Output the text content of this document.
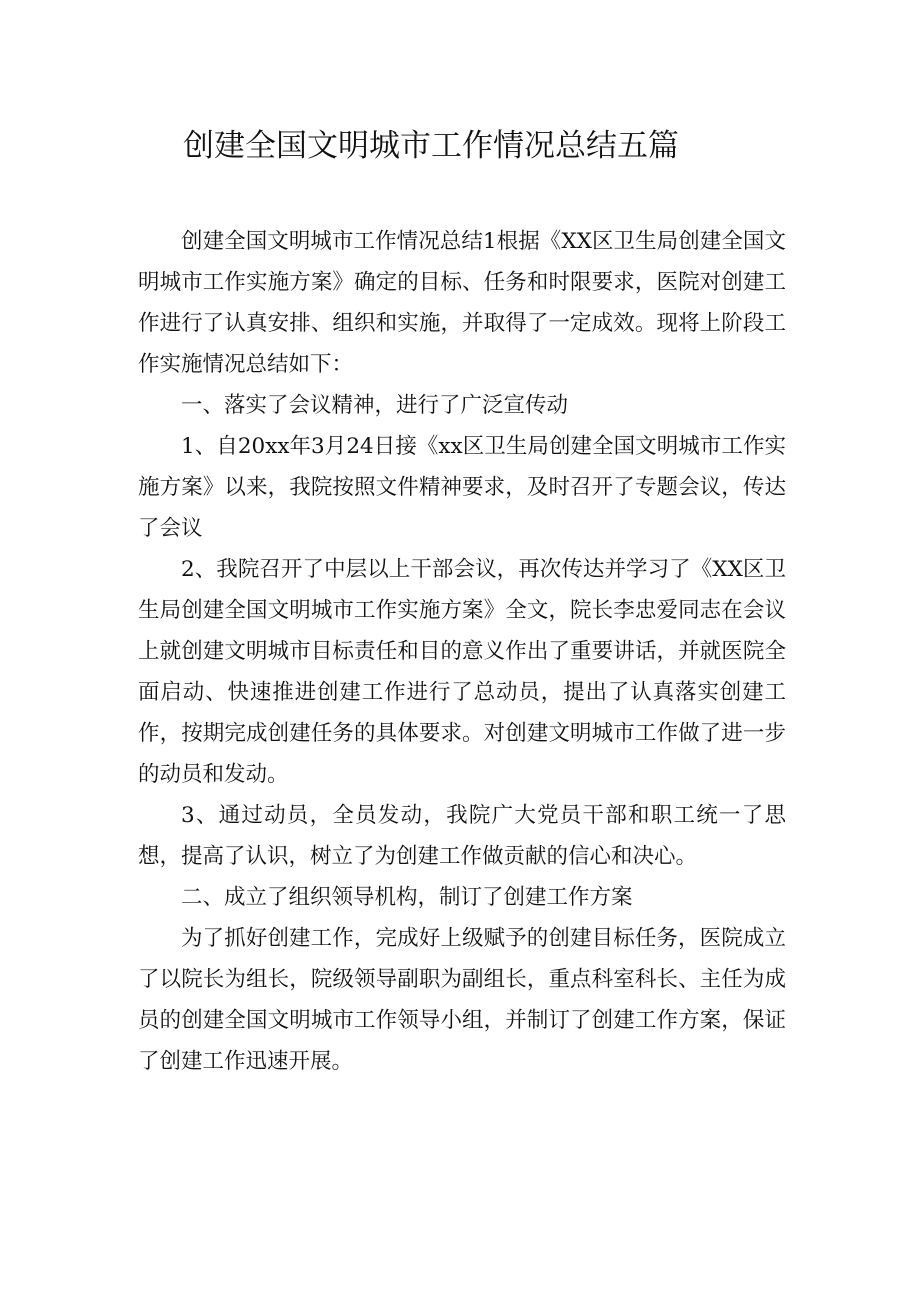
创建全国文明城市工作情况总结五篇

创建全国文明城市工作情况总结1根据《XX区卫生局创建全国文明城市工作实施方案》确定的目标、任务和时限要求，医院对创建工作进行了认真安排、组织和实施，并取得了一定成效。现将上阶段工作实施情况总结如下：

一、落实了会议精神，进行了广泛宣传动

1、自20xx年3月24日接《xx区卫生局创建全国文明城市工作实施方案》以来，我院按照文件精神要求，及时召开了专题会议，传达了会议

2、我院召开了中层以上干部会议，再次传达并学习了《XX区卫生局创建全国文明城市工作实施方案》全文，院长李忠爱同志在会议上就创建文明城市目标责任和目的意义作出了重要讲话，并就医院全面启动、快速推进创建工作进行了总动员，提出了认真落实创建工作，按期完成创建任务的具体要求。对创建文明城市工作做了进一步的动员和发动。

3、通过动员，全员发动，我院广大党员干部和职工统一了思想，提高了认识，树立了为创建工作做贡献的信心和决心。

二、成立了组织领导机构，制订了创建工作方案

为了抓好创建工作，完成好上级赋予的创建目标任务，医院成立了以院长为组长，院级领导副职为副组长，重点科室科长、主任为成员的创建全国文明城市工作领导小组，并制订了创建工作方案，保证了创建工作迅速开展。
